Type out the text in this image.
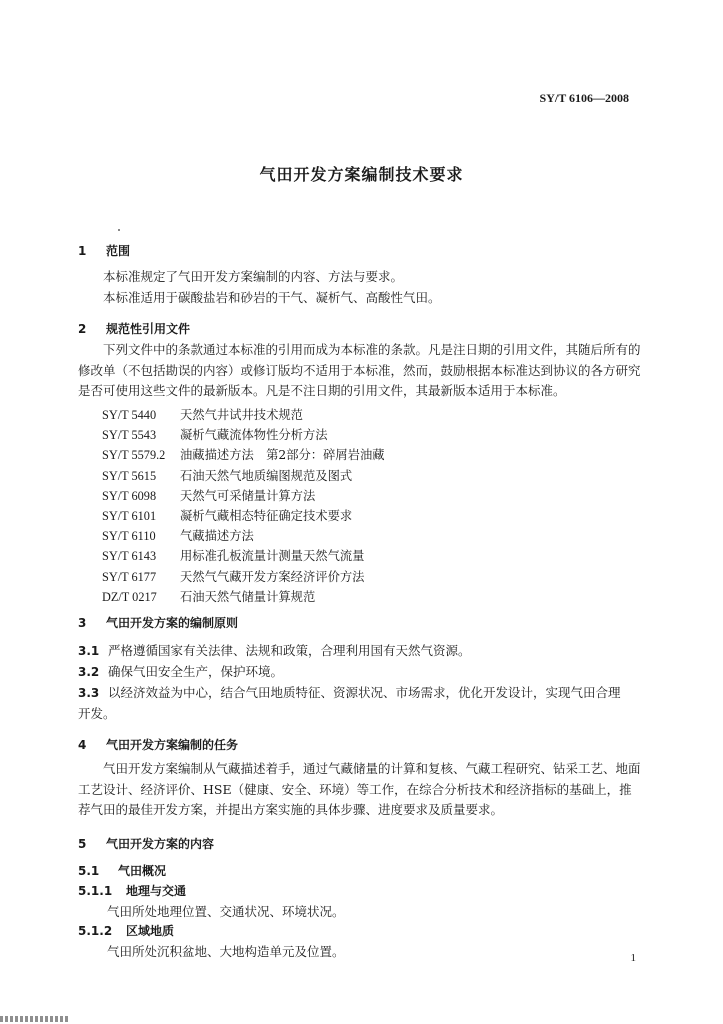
SY/T 6106—2008
气田开发方案编制技术要求
1 范围
本标准规定了气田开发方案编制的内容、方法与要求。
本标准适用于碳酸盐岩和砂岩的干气、凝析气、高酸性气田。
2 规范性引用文件
下列文件中的条款通过本标准的引用而成为本标准的条款。凡是注日期的引用文件，其随后所有的修改单（不包括勘误的内容）或修订版均不适用于本标准，然而，鼓励根据本标准达到协议的各方研究是否可使用这些文件的最新版本。凡是不注日期的引用文件，其最新版本适用于本标准。
SY/T 5440 天然气井试井技术规范
SY/T 5543 凝析气藏流体物性分析方法
SY/T 5579.2 油藏描述方法　第2部分：碎屑岩油藏
SY/T 5615 石油天然气地质编图规范及图式
SY/T 6098 天然气可采储量计算方法
SY/T 6101 凝析气藏相态特征确定技术要求
SY/T 6110 气藏描述方法
SY/T 6143 用标准孔板流量计测量天然气流量
SY/T 6177 天然气气藏开发方案经济评价方法
DZ/T 0217 石油天然气储量计算规范
3 气田开发方案的编制原则
3.1 严格遵循国家有关法律、法规和政策，合理利用国有天然气资源。
3.2 确保气田安全生产，保护环境。
3.3 以经济效益为中心，结合气田地质特征、资源状况、市场需求，优化开发设计，实现气田合理
开发。
4 气田开发方案编制的任务
气田开发方案编制从气藏描述着手，通过气藏储量的计算和复核、气藏工程研究、钻采工艺、地面工艺设计、经济评价、HSE（健康、安全、环境）等工作，在综合分析技术和经济指标的基础上，推荐气田的最佳开发方案，并提出方案实施的具体步骤、进度要求及质量要求。
5 气田开发方案的内容
5.1 气田概况
5.1.1 地理与交通
气田所处地理位置、交通状况、环境状况。
5.1.2 区域地质
气田所处沉积盆地、大地构造单元及位置。	1
